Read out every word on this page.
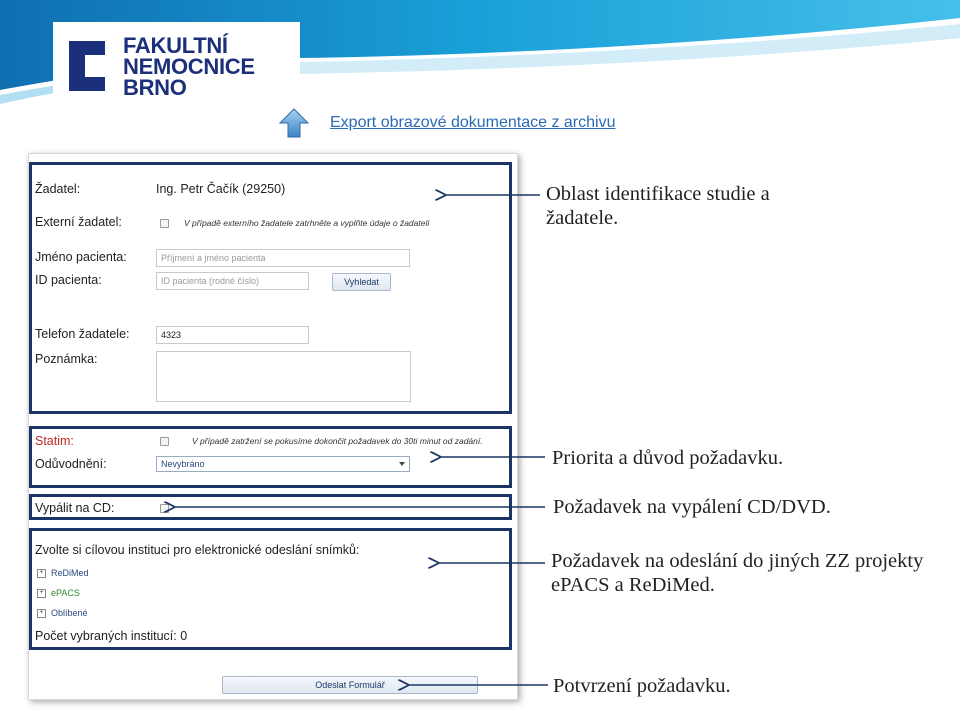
FAKULTNÍ
NEMOCNICE
BRNO
Export obrazové dokumentace z archivu
Žadatel:	Ing. Petr Čačík (29250)
Externí žadatel:	V případě externího žadatele zatrhněte a vyplňte údaje o žadateli
Jméno pacienta:
Příjmení a jméno pacienta
ID pacienta:
ID pacienta (rodné číslo)	Vyhledat
Telefon žadatele:
4323
Poznámka:
Statim:	V případě zatržení se pokusíme dokončit požadavek do 30ti minut od zadání.
Odůvodnění:	Nevybráno
Vypálit na CD:
Zvolte si cílovou instituci pro elektronické odeslání snímků:
+ ReDiMed
+ ePACS
+ Oblíbené
Počet vybraných institucí: 0
Odeslat Formulář
Oblast identifikace studie a žadatele.
Priorita a důvod požadavku.
Požadavek na vypálení CD/DVD.
Požadavek na odeslání do jiných ZZ projekty ePACS a ReDiMed.
Potvrzení požadavku.
